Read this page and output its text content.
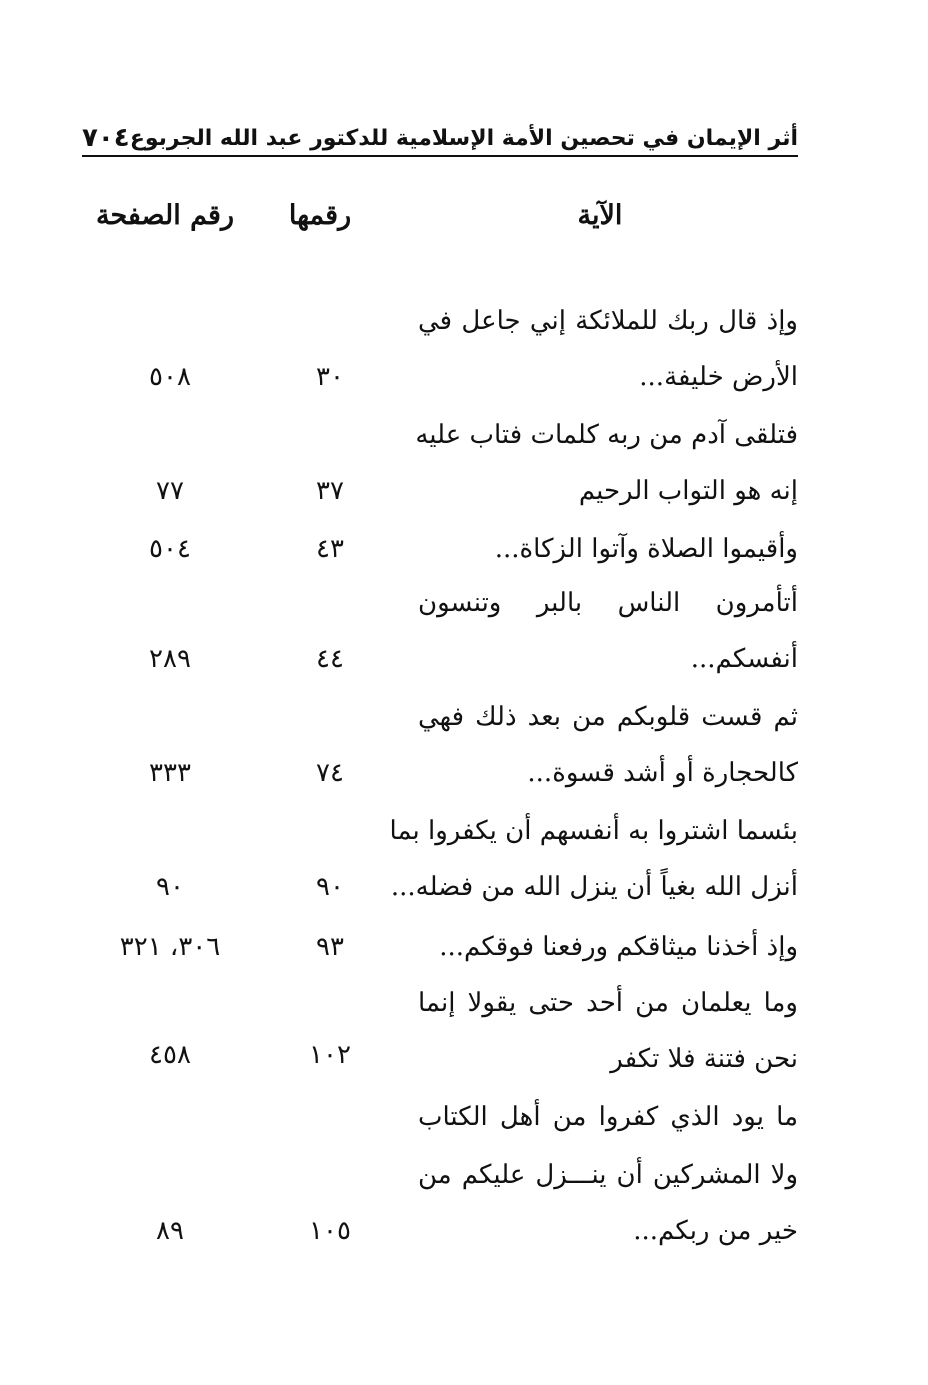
أثر الإيمان في تحصين الأمة الإسلامية للدكتور عبد الله الجربوع
٧٠٤
الآية
رقمها
رقم الصفحة
وإذ قال ربك للملائكة إني جاعل في
الأرض خليفة...
٣٠
٥٠٨
فتلقى آدم من ربه كلمات فتاب عليه
إنه هو التواب الرحيم
٣٧
٧٧
وأقيموا الصلاة وآتوا الزكاة...
٤٣
٥٠٤
أتأمرون الناس بالبر وتنسون
أنفسكم...
٤٤
٢٨٩
ثم قست قلوبكم من بعد ذلك فهي
كالحجارة أو أشد قسوة...
٧٤
٣٣٣
بئسما اشتروا به أنفسهم أن يكفروا بما
أنزل الله بغياً أن ينزل الله من فضله...
٩٠
٩٠
وإذ أخذنا ميثاقكم ورفعنا فوقكم...
٩٣
٣٠٦، ٣٢١
وما يعلمان من أحد حتى يقولا إنما
نحن فتنة فلا تكفر
١٠٢
٤٥٨
ما يود الذي كفروا من أهل الكتاب
ولا المشركين أن ينـــزل عليكم من
خير من ربكم...
١٠٥
٨٩
